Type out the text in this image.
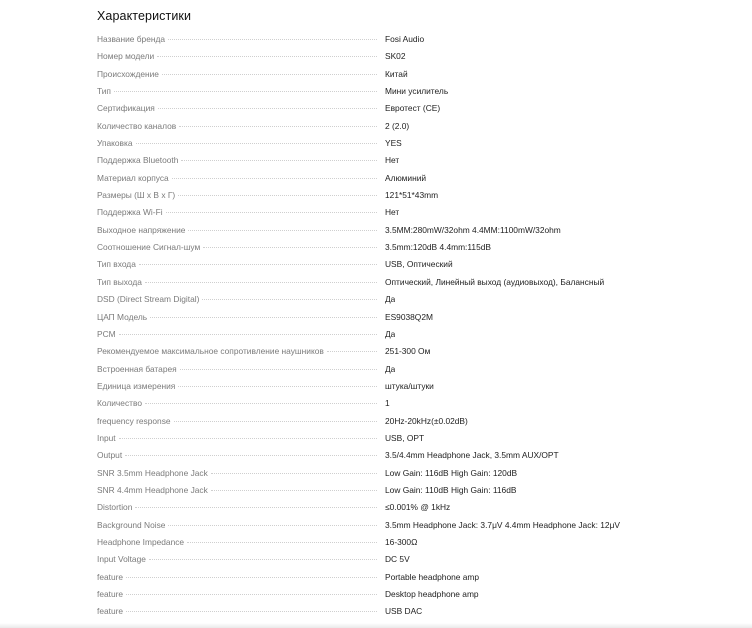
Характеристики
Название бренда	Fosi Audio
Номер модели	SK02
Происхождение	Китай
Тип	Мини усилитель
Сертификация	Евротест (CE)
Количество каналов	2 (2.0)
Упаковка	YES
Поддержка Bluetooth	Нет
Материал корпуса	Алюминий
Размеры (Ш x В x Г)	121*51*43mm
Поддержка Wi-Fi	Нет
Выходное напряжение	3.5MM:280mW/32ohm 4.4MM:1100mW/32ohm
Соотношение Сигнал-шум	3.5mm:120dB 4.4mm:115dB
Тип входа	USB, Оптический
Тип выхода	Оптический, Линейный выход (аудиовыход), Балансный
DSD (Direct Stream Digital)	Да
ЦАП Модель	ES9038Q2M
PCM	Да
Рекомендуемое максимальное сопротивление наушников	251-300 Ом
Встроенная батарея	Да
Единица измерения	штука/штуки
Количество	1
frequency response	20Hz-20kHz(±0.02dB)
Input	USB, OPT
Output	3.5/4.4mm Headphone Jack, 3.5mm AUX/OPT
SNR 3.5mm Headphone Jack	Low Gain: 116dB High Gain: 120dB
SNR 4.4mm Headphone Jack	Low Gain: 110dB High Gain: 116dB
Distortion	≤0.001% @ 1kHz
Background Noise	3.5mm Headphone Jack: 3.7μV 4.4mm Headphone Jack: 12μV
Headphone Impedance	16-300Ω
Input Voltage	DC 5V
feature	Portable headphone amp
feature	Desktop headphone amp
feature	USB DAC
